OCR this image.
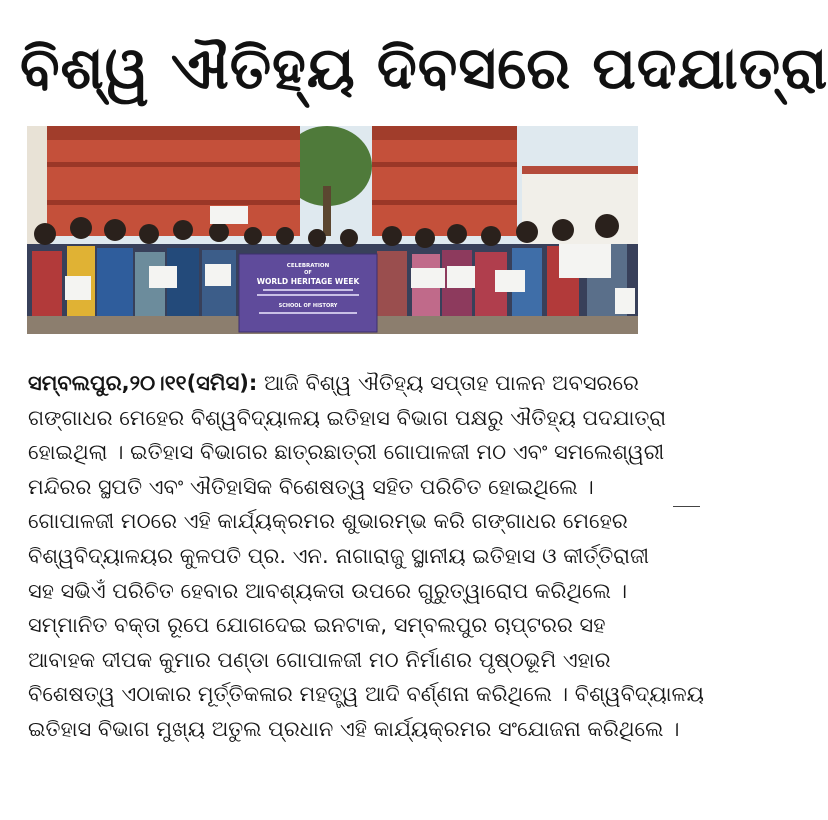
ବିଶ୍ୱ ଐତିହ୍ୟ ଦିବସରେ ପଦଯାତ୍ରା
CELEBRATION
OF
WORLD HERITAGE WEEK
SCHOOL OF HISTORY

ସମ୍ବଲପୁର,୨୦।୧୧(ସମିସ): ଆଜି ବିଶ୍ୱ ଐତିହ୍ୟ ସପ୍ତାହ ପାଳନ ଅବସରରେ

ଗଙ୍ଗାଧର ମେହେର ବିଶ୍ୱବିଦ୍ୟାଳୟ ଇତିହାସ ବିଭାଗ ପକ୍ଷରୁ ଐତିହ୍ୟ ପଦଯାତ୍ରା

ହୋଇଥିଲା । ଇତିହାସ ବିଭାଗର ଛାତ୍ରଛାତ୍ରୀ ଗୋପାଳଜୀ ମଠ ଏବଂ ସମଲେଶ୍ୱରୀ

ମନ୍ଦିରର ସ୍ଥପତି ଏବଂ ଐତିହାସିକ ବିଶେଷତ୍ୱ ସହିତ ପରିଚିତ ହୋଇଥିଲେ ।

ଗୋପାଳଜୀ ମଠରେ ଏହି କାର୍ଯ୍ୟକ୍ରମର ଶୁଭାରମ୍ଭ କରି ଗଙ୍ଗାଧର ମେହେର

ବିଶ୍ୱବିଦ୍ୟାଳୟର କୁଳପତି ପ୍ର. ଏନ. ନାଗାରାଜୁ ସ୍ଥାନୀୟ ଇତିହାସ ଓ କୀର୍ତ୍ତିରାଜୀ

ସହ ସଭିଏଁ ପରିଚିତ ହେବାର ଆବଶ୍ୟକତା ଉପରେ ଗୁରୁତ୍ୱାରୋପ କରିଥିଲେ ।

ସମ୍ମାନିତ ବକ୍ତା ରୂପେ ଯୋଗଦେଇ ଇନଟାକ, ସମ୍ବଲପୁର ଚାପ୍ଟରର ସହ

ଆବାହକ ଦୀପକ କୁମାର ପଣ୍ଡା ଗୋପାଳଜୀ ମଠ ନିର୍ମାଣର ପୃଷ୍ଠଭୂମି ଏହାର

ବିଶେଷତ୍ୱ ଏଠାକାର ମୂର୍ତ୍ତିକଳାର ମହତ୍ତ୍ୱ ଆଦି ବର୍ଣ୍ଣନା କରିଥିଲେ । ବିଶ୍ୱବିଦ୍ୟାଳୟ

ଇତିହାସ ବିଭାଗ ମୁଖ୍ୟ ଅତୁଲ ପ୍ରଧାନ ଏହି କାର୍ଯ୍ୟକ୍ରମର ସଂଯୋଜନା କରିଥିଲେ ।
